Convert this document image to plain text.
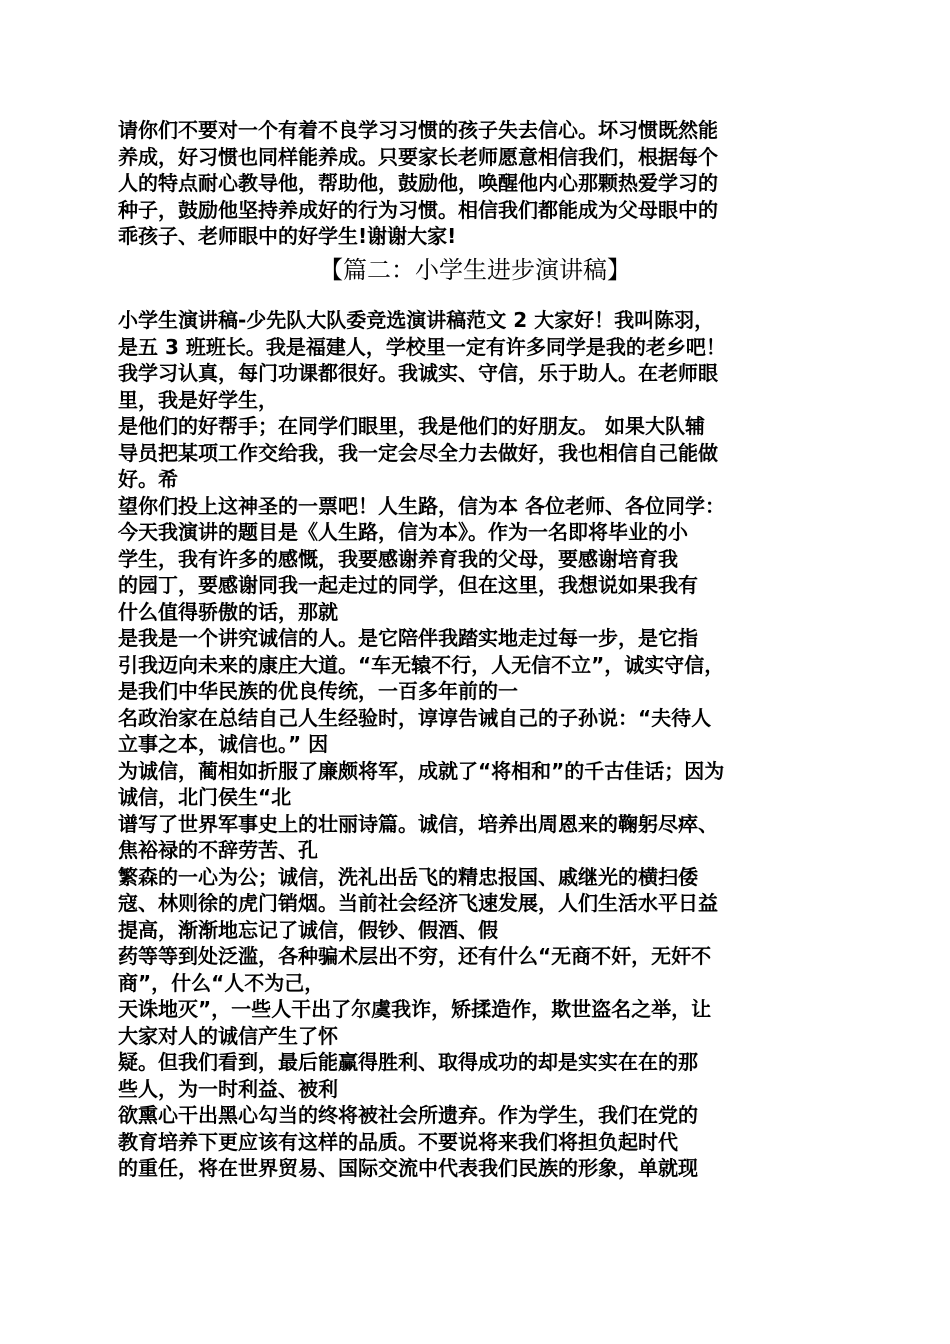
请你们不要对一个有着不良学习习惯的孩子失去信心。坏习惯既然能
养成，好习惯也同样能养成。只要家长老师愿意相信我们，根据每个
人的特点耐心教导他，帮助他，鼓励他，唤醒他内心那颗热爱学习的
种子，鼓励他坚持养成好的行为习惯。相信我们都能成为父母眼中的
乖孩子、老师眼中的好学生!谢谢大家!
【篇二：小学生进步演讲稿】
小学生演讲稿-少先队大队委竞选演讲稿范文 2 大家好！我叫陈羽，
是五 3 班班长。我是福建人，学校里一定有许多同学是我的老乡吧！
我学习认真，每门功课都很好。我诚实、守信，乐于助人。在老师眼
里，我是好学生，
是他们的好帮手；在同学们眼里，我是他们的好朋友。 如果大队辅
导员把某项工作交给我，我一定会尽全力去做好，我也相信自己能做
好。希
望你们投上这神圣的一票吧！人生路，信为本 各位老师、各位同学：
今天我演讲的题目是《人生路，信为本》。作为一名即将毕业的小
学生，我有许多的感慨，我要感谢养育我的父母，要感谢培育我
的园丁，要感谢同我一起走过的同学，但在这里，我想说如果我有
什么值得骄傲的话，那就
是我是一个讲究诚信的人。是它陪伴我踏实地走过每一步，是它指
引我迈向未来的康庄大道。“车无辕不行，人无信不立”，诚实守信，
是我们中华民族的优良传统，一百多年前的一
名政治家在总结自己人生经验时，谆谆告诫自己的子孙说：“夫待人
立事之本，诚信也。” 因
为诚信，蔺相如折服了廉颇将军，成就了“将相和”的千古佳话；因为
诚信，北门侯生“北
谱写了世界军事史上的壮丽诗篇。诚信，培养出周恩来的鞠躬尽瘁、
焦裕禄的不辞劳苦、孔
繁森的一心为公；诚信，洗礼出岳飞的精忠报国、戚继光的横扫倭
寇、林则徐的虎门销烟。当前社会经济飞速发展，人们生活水平日益
提高，渐渐地忘记了诚信，假钞、假酒、假
药等等到处泛滥，各种骗术层出不穷，还有什么“无商不奸，无奸不
商”，什么“人不为己，
天诛地灭”，一些人干出了尔虞我诈，矫揉造作，欺世盗名之举，让
大家对人的诚信产生了怀
疑。但我们看到，最后能赢得胜利、取得成功的却是实实在在的那
些人，为一时利益、被利
欲熏心干出黑心勾当的终将被社会所遗弃。作为学生，我们在党的
教育培养下更应该有这样的品质。不要说将来我们将担负起时代
的重任，将在世界贸易、国际交流中代表我们民族的形象，单就现
